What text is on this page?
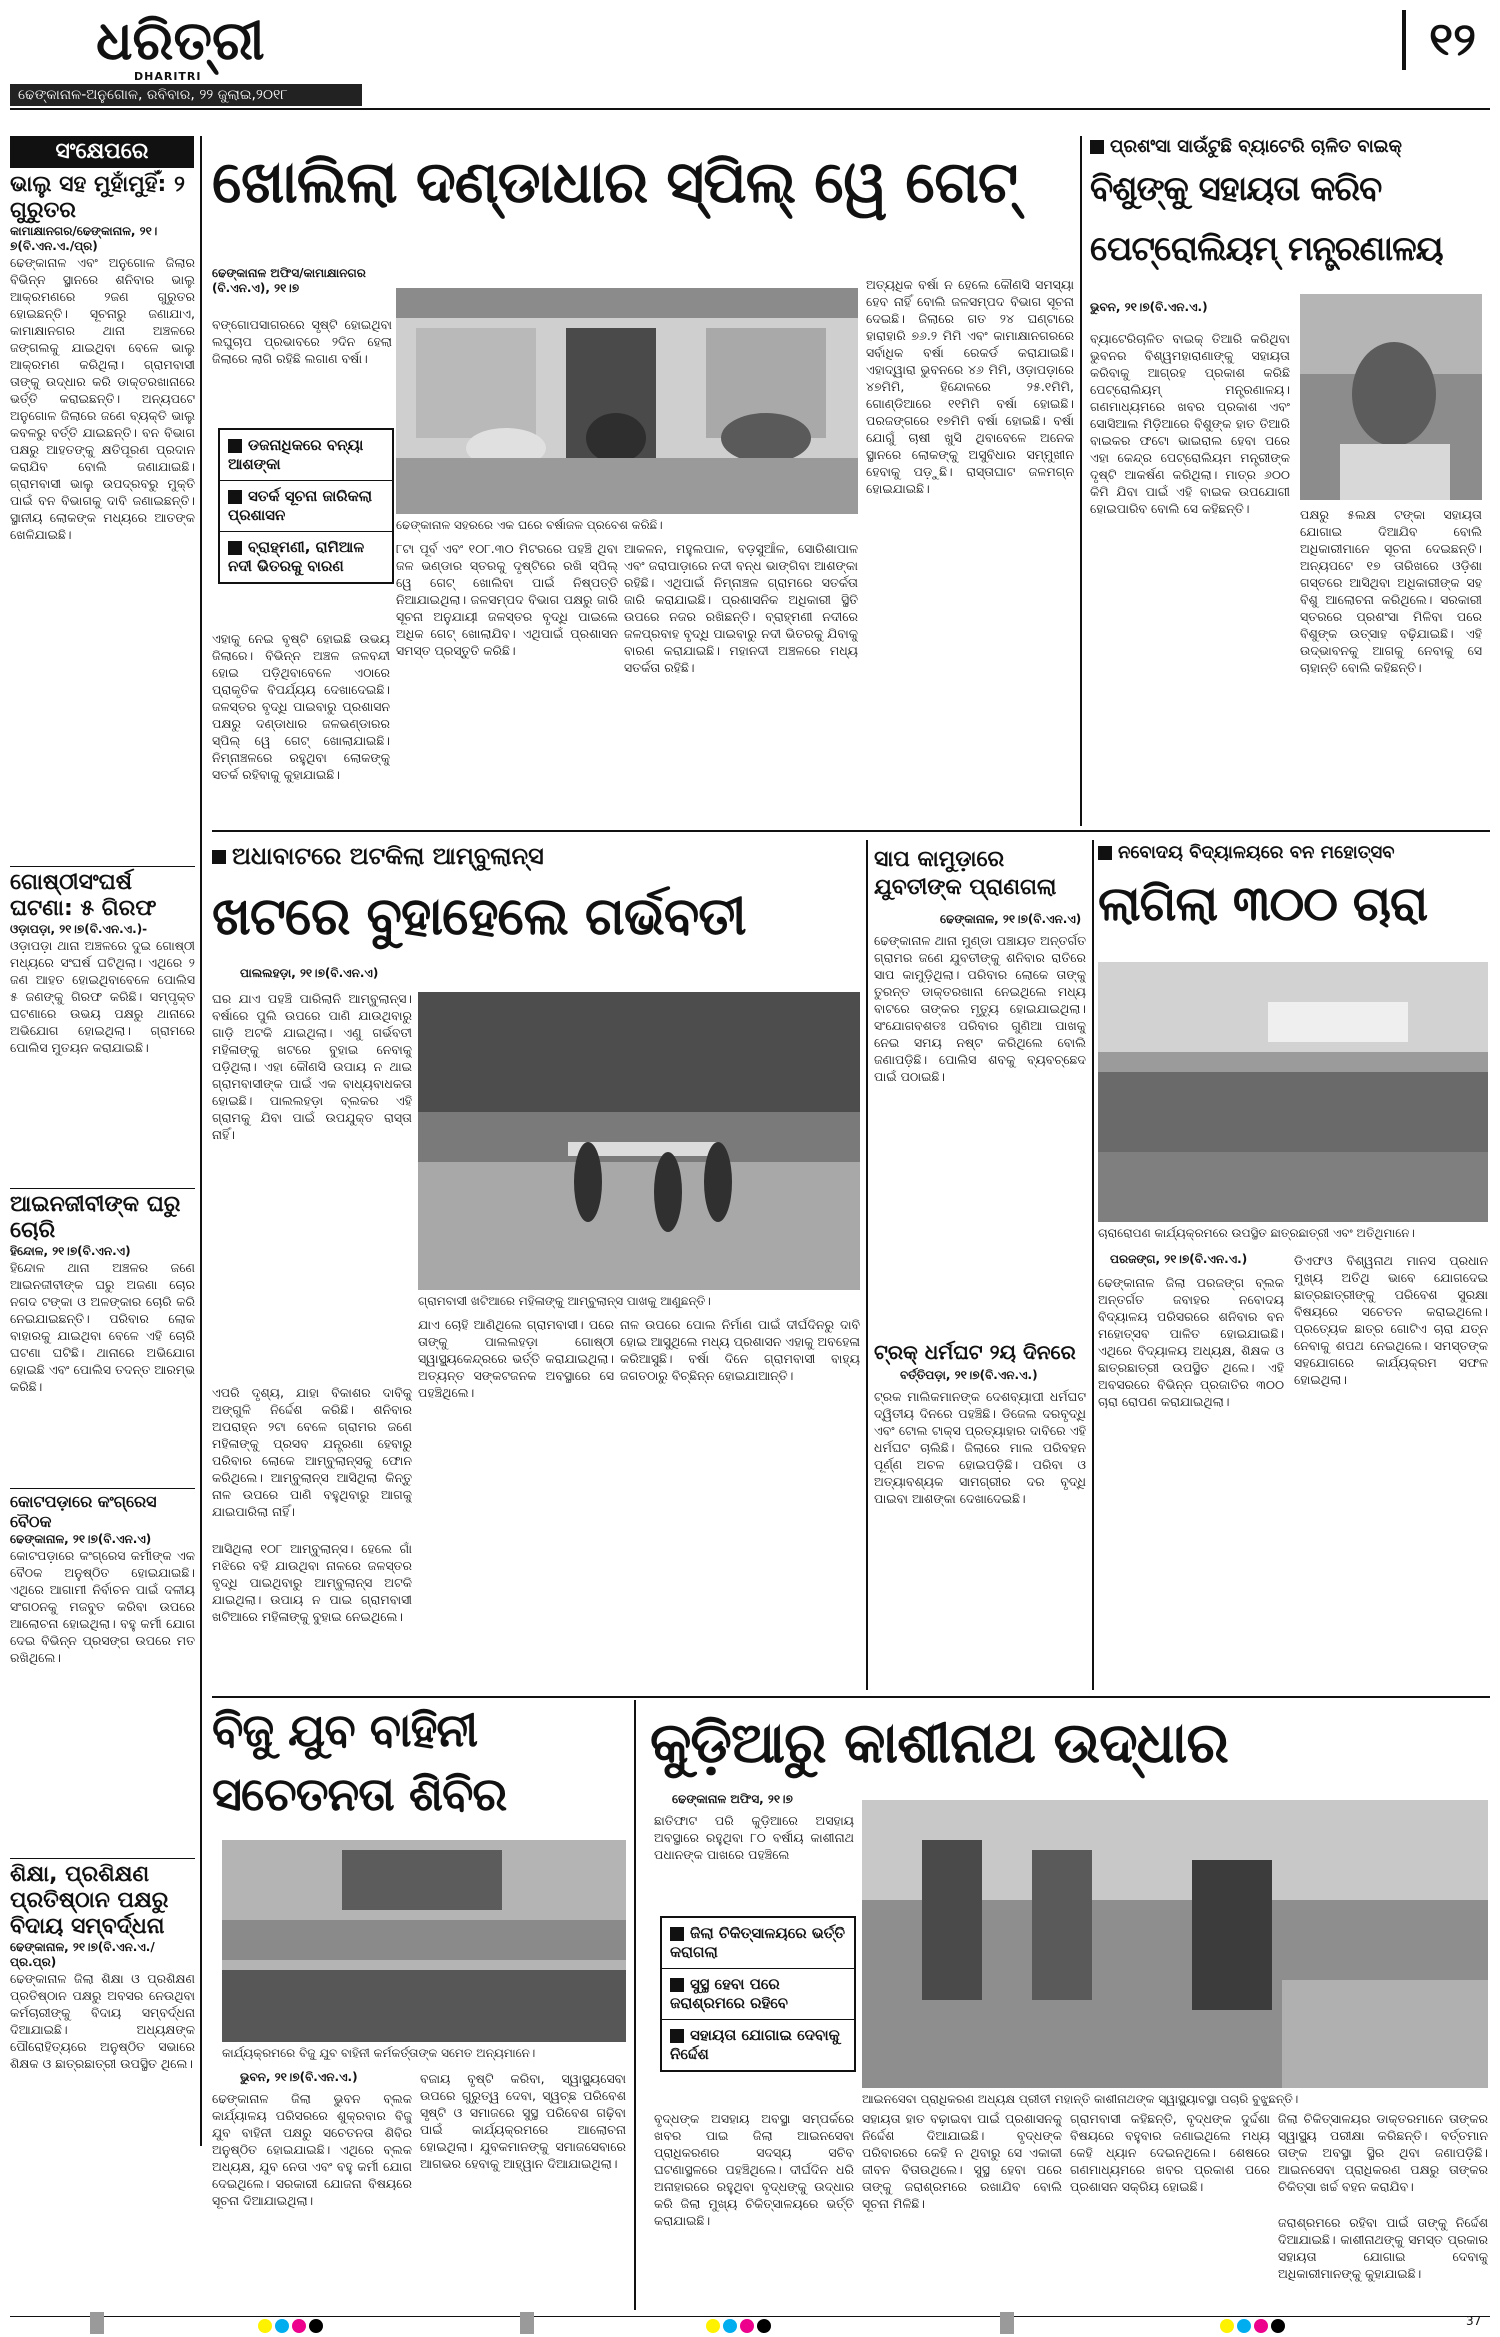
ଧରିତ୍ରୀ
DHARITRI
୧୨
ଢେଙ୍କାନାଳ-ଅନୁଗୋଳ, ରବିବାର, ୨୨ ଜୁଲାଇ,୨୦୧୮
ସଂକ୍ଷେପରେ
ଭାଲୁ ସହ ମୁହାଁମୁହିଁ: ୨ ଗୁରୁତର
କାମାକ୍ଷାନଗର/ଢେଙ୍କାନାଳ, ୨୧।୭(ବି.ଏନ.ଏ./ପ୍ର)
ଢେଙ୍କାନାଳ ଏବଂ ଅନୁଗୋଳ ଜିଲାର ବିଭିନ୍ନ ସ୍ଥାନରେ ଶନିବାର ଭାଲୁ ଆକ୍ରମଣରେ ୨ଜଣ ଗୁରୁତର ହୋଇଛନ୍ତି। ସୂଚନାରୁ ଜଣାଯାଏ, କାମାକ୍ଷାନଗର ଥାନା ଅଞ୍ଚଳରେ ଜଙ୍ଗଲକୁ ଯାଇଥିବା ବେଳେ ଭାଲୁ ଆକ୍ରମଣ କରିଥିଲା। ଗ୍ରାମବାସୀ ତାଙ୍କୁ ଉଦ୍ଧାର କରି ଡାକ୍ତରଖାନାରେ ଭର୍ତ୍ତି କରାଇଛନ୍ତି। ଅନ୍ୟପଟେ ଅନୁଗୋଳ ଜିଲାରେ ଜଣେ ବ୍ୟକ୍ତି ଭାଲୁ କବଳରୁ ବର୍ତ୍ତି ଯାଇଛନ୍ତି। ବନ ବିଭାଗ ପକ୍ଷରୁ ଆହତଙ୍କୁ କ୍ଷତିପୂରଣ ପ୍ରଦାନ କରାଯିବ ବୋଲି ଜଣାଯାଇଛି। ଗ୍ରାମବାସୀ ଭାଲୁ ଉପଦ୍ରବରୁ ମୁକ୍ତି ପାଇଁ ବନ ବିଭାଗକୁ ଦାବି ଜଣାଇଛନ୍ତି। ସ୍ଥାନୀୟ ଲୋକଙ୍କ ମଧ୍ୟରେ ଆତଙ୍କ ଖେଳିଯାଇଛି।
ଗୋଷ୍ଠୀସଂଘର୍ଷ ଘଟଣା: ୫ ଗିରଫ
ଓଡ଼ାପଡ଼ା, ୨୧।୭(ବି.ଏନ.ଏ.)-
ଓଡ଼ାପଡ଼ା ଥାନା ଅଞ୍ଚଳରେ ଦୁଇ ଗୋଷ୍ଠୀ ମଧ୍ୟରେ ସଂଘର୍ଷ ଘଟିଥିଲା। ଏଥିରେ ୨ ଜଣ ଆହତ ହୋଇଥିବାବେଳେ ପୋଲିସ ୫ ଜଣଙ୍କୁ ଗିରଫ କରିଛି। ସମ୍ପୃକ୍ତ ଘଟଣାରେ ଉଭୟ ପକ୍ଷରୁ ଥାନାରେ ଅଭିଯୋଗ ହୋଇଥିଲା। ଗ୍ରାମରେ ପୋଲିସ ମୁତୟନ କରାଯାଇଛି।
ଆଇନଜୀବୀଙ୍କ ଘରୁ ଚୋରି
ହିନ୍ଦୋଳ, ୨୧।୭(ବି.ଏନ.ଏ)
ହିନ୍ଦୋଳ ଥାନା ଅଞ୍ଚଳର ଜଣେ ଆଇନଜୀବୀଙ୍କ ଘରୁ ଅଜଣା ଚୋର ନଗଦ ଟଙ୍କା ଓ ଅଳଙ୍କାର ଚୋରି କରି ନେଇଯାଇଛନ୍ତି। ପରିବାର ଲୋକ ବାହାରକୁ ଯାଇଥିବା ବେଳେ ଏହି ଚୋରି ଘଟଣା ଘଟିଛି। ଥାନାରେ ଅଭିଯୋଗ ହୋଇଛି ଏବଂ ପୋଲିସ ତଦନ୍ତ ଆରମ୍ଭ କରିଛି।
କୋଟପଡ଼ାରେ କଂଗ୍ରେସ ବୈଠକ
ଢେଙ୍କାନାଳ, ୨୧।୭(ବି.ଏନ.ଏ)
କୋଟପଡ଼ାରେ କଂଗ୍ରେସ କର୍ମୀଙ୍କ ଏକ ବୈଠକ ଅନୁଷ୍ଠିତ ହୋଇଯାଇଛି। ଏଥିରେ ଆଗାମୀ ନିର୍ବାଚନ ପାଇଁ ଦଳୀୟ ସଂଗଠନକୁ ମଜବୁତ କରିବା ଉପରେ ଆଲୋଚନା ହୋଇଥିଲା। ବହୁ କର୍ମୀ ଯୋଗ ଦେଇ ବିଭିନ୍ନ ପ୍ରସଙ୍ଗ ଉପରେ ମତ ରଖିଥିଲେ।
ଶିକ୍ଷା, ପ୍ରଶିକ୍ଷଣ ପ୍ରତିଷ୍ଠାନ ପକ୍ଷରୁ ବିଦାୟ ସମ୍ବର୍ଦ୍ଧନା
ଢେଙ୍କାନାଳ, ୨୧।୭(ବି.ଏନ.ଏ./ପ୍ର.ପ୍ର)
ଢେଙ୍କାନାଳ ଜିଲା ଶିକ୍ଷା ଓ ପ୍ରଶିକ୍ଷଣ ପ୍ରତିଷ୍ଠାନ ପକ୍ଷରୁ ଅବସର ନେଉଥିବା କର୍ମଚାରୀଙ୍କୁ ବିଦାୟ ସମ୍ବର୍ଦ୍ଧନା ଦିଆଯାଇଛି। ଅଧ୍ୟକ୍ଷଙ୍କ ପୌରୋହିତ୍ୟରେ ଅନୁଷ୍ଠିତ ସଭାରେ ଶିକ୍ଷକ ଓ ଛାତ୍ରଛାତ୍ରୀ ଉପସ୍ଥିତ ଥିଲେ।
ଖୋଲିଲା ଦଣ୍ଡାଧାର ସ୍ପିଲ୍ ୱେ ଗେଟ୍
ଢେଙ୍କାନାଳ ଅଫିସ/କାମାକ୍ଷାନଗର (ବି.ଏନ.ଏ), ୨୧।୭
ବଙ୍ଗୋପସାଗରରେ ସୃଷ୍ଟି ହୋଇଥିବା ଲଘୁଚାପ ପ୍ରଭାବରେ ୨ଦିନ ହେଲା ଜିଲାରେ ଲାଗି ରହିଛି ଲଗାଣ ବର୍ଷା।
ଡଜନାଧିକରେ ବନ୍ୟା ଆଶଙ୍କା
ସତର୍କ ସୂଚନା ଜାରିକଲା ପ୍ରଶାସନ
ବ୍ରାହ୍ମଣୀ, ରାମିଆଳ ନଦୀ ଭିତରକୁ ବାରଣ
ଢେଙ୍କାନାଳ ସହରରେ ଏକ ଘରେ ବର୍ଷାଜଳ ପ୍ରବେଶ କରିଛି।
ଏହାକୁ ନେଇ ବୃଷ୍ଟି ହୋଇଛି ଉଭୟ ଜିଲାରେ। ବିଭିନ୍ନ ଅଞ୍ଚଳ ଜଳବନ୍ଦୀ ହୋଇ ପଡ଼ିଥିବାବେଳେ ଏଠାରେ ପ୍ରାକୃତିକ ବିପର୍ଯ୍ୟୟ ଦେଖାଦେଇଛି। ଜଳସ୍ତର ବୃଦ୍ଧି ପାଇବାରୁ ପ୍ରଶାସନ ପକ୍ଷରୁ ଦଣ୍ଡାଧାର ଜଳଭଣ୍ଡାରର ସ୍ପିଲ୍ ୱେ ଗେଟ୍ ଖୋଲାଯାଇଛି। ନିମ୍ନାଞ୍ଚଳରେ ରହୁଥିବା ଲୋକଙ୍କୁ ସତର୍କ ରହିବାକୁ କୁହାଯାଇଛି।
୮ଟା ପୂର୍ବ ଏବଂ ୧୦୮.୩୦ ମିଟରରେ ପହଞ୍ଚି ଥିବା ଜଳ ଭଣ୍ଡାର ସ୍ତରକୁ ଦୃଷ୍ଟିରେ ରଖି ସ୍ପିଲ୍ ୱେ ଗେଟ୍ ଖୋଲିବା ପାଇଁ ନିଷ୍ପତ୍ତି ନିଆଯାଇଥିଲା। ଜଳସମ୍ପଦ ବିଭାଗ ପକ୍ଷରୁ ଜାରି ସୂଚନା ଅନୁଯାୟୀ ଜଳସ୍ତର ବୃଦ୍ଧି ପାଇଲେ ଅଧିକ ଗେଟ୍ ଖୋଲାଯିବ। ଏଥିପାଇଁ ପ୍ରଶାସନ ସମସ୍ତ ପ୍ରସ୍ତୁତି କରିଛି।
ଆକଳନ, ମହୁଲପାଳ, ବଡ଼ସୁଆଁଳ, ସୋରିଶାପାଳ ଏବଂ ଜରାପାଡ଼ାରେ ନଦୀ ବନ୍ଧ ଭାଙ୍ଗିବା ଆଶଙ୍କା ରହିଛି। ଏଥିପାଇଁ ନିମ୍ନାଞ୍ଚଳ ଗ୍ରାମରେ ସତର୍କତା ଜାରି କରାଯାଇଛି। ପ୍ରଶାସନିକ ଅଧିକାରୀ ସ୍ଥିତି ଉପରେ ନଜର ରଖିଛନ୍ତି। ବ୍ରାହ୍ମଣୀ ନଦୀରେ ଜଳପ୍ରବାହ ବୃଦ୍ଧି ପାଇବାରୁ ନଦୀ ଭିତରକୁ ଯିବାକୁ ବାରଣ କରାଯାଇଛି। ମହାନଦୀ ଅଞ୍ଚଳରେ ମଧ୍ୟ ସତର୍କତା ରହିଛି।
ଅତ୍ୟଧିକ ବର୍ଷା ନ ହେଲେ କୌଣସି ସମସ୍ୟା ହେବ ନାହିଁ ବୋଲି ଜଳସମ୍ପଦ ବିଭାଗ ସୂଚନା ଦେଇଛି। ଜିଲାରେ ଗତ ୨୪ ଘଣ୍ଟାରେ ହାରାହାରି ୭୬.୨ ମିମି ଏବଂ କାମାକ୍ଷାନଗରରେ ସର୍ବାଧିକ ବର୍ଷା ରେକର୍ଡ କରାଯାଇଛି। ଏହାଦ୍ୱାରା ଭୁବନରେ ୪୬ ମିମି, ଓଡ଼ାପଡ଼ାରେ ୪୭ମିମି, ହିନ୍ଦୋଳରେ ୨୫.୧ମିମି, ଗୋଣ୍ଡିଆରେ ୧୧ମିମି ବର୍ଷା ହୋଇଛି। ପରଜଙ୍ଗରେ ୧୭ମିମି ବର୍ଷା ହୋଇଛି। ବର୍ଷା ଯୋଗୁଁ ଚାଷୀ ଖୁସି ଥିବାବେଳେ ଅନେକ ସ୍ଥାନରେ ଲୋକଙ୍କୁ ଅସୁବିଧାର ସମ୍ମୁଖୀନ ହେବାକୁ ପଡ଼ୁଛି। ରାସ୍ତାଘାଟ ଜଳମଗ୍ନ ହୋଇଯାଇଛି।
ପ୍ରଶଂସା ସାଉଁଟୁଛି ବ୍ୟାଟେରି ଚାଳିତ ବାଇକ୍
ବିଶୁଙ୍କୁ ସହାୟତା କରିବ
ପେଟ୍ରୋଲିୟମ୍ ମନ୍ତ୍ରଣାଳୟ
ଭୁବନ, ୨୧।୭(ବି.ଏନ.ଏ.)
ବ୍ୟାଟେରିଚାଳିତ ବାଇକ୍ ତିଆରି କରିଥିବା ଭୁବନର ବିଶ୍ୱମହାରାଣାଙ୍କୁ ସହାୟତା କରିବାକୁ ଆଗ୍ରହ ପ୍ରକାଶ କରିଛି ପେଟ୍ରୋଲିୟମ୍ ମନ୍ତ୍ରଣାଳୟ। ଗଣମାଧ୍ୟମରେ ଖବର ପ୍ରକାଶ ଏବଂ ସୋସିଆଲ ମିଡ଼ିଆରେ ବିଶୁଙ୍କ ହାତ ତିଆରି ବାଇକର ଫଟୋ ଭାଇରାଲ ହେବା ପରେ ଏହା କେନ୍ଦ୍ର ପେଟ୍ରୋଲିୟମ ମନ୍ତ୍ରୀଙ୍କ ଦୃଷ୍ଟି ଆକର୍ଷଣ କରିଥିଲା। ମାତ୍ର ୬୦୦ କିମି ଯିବା ପାଇଁ ଏହି ବାଇକ ଉପଯୋଗୀ ହୋଇପାରିବ ବୋଲି ସେ କହିଛନ୍ତି।	ପକ୍ଷରୁ ୫ଲକ୍ଷ ଟଙ୍କା ସହାୟତା ଯୋଗାଇ ଦିଆଯିବ ବୋଲି ଅଧିକାରୀମାନେ ସୂଚନା ଦେଇଛନ୍ତି। ଅନ୍ୟପଟେ ୧୭ ତାରିଖରେ ଓଡ଼ିଶା ଗସ୍ତରେ ଆସିଥିବା ଅଧିକାରୀଙ୍କ ସହ ବିଶୁ ଆଲୋଚନା କରିଥିଲେ। ସରକାରୀ ସ୍ତରରେ ପ୍ରଶଂସା ମିଳିବା ପରେ ବିଶୁଙ୍କ ଉତ୍ସାହ ବଢ଼ିଯାଇଛି। ଏହି ଉଦ୍ଭାବନକୁ ଆଗକୁ ନେବାକୁ ସେ ଚାହାନ୍ତି ବୋଲି କହିଛନ୍ତି।
ଅଧାବାଟରେ ଅଟକିଲା ଆମ୍ବୁଲାନ୍ସ
ଖଟରେ ବୁହାହେଲେ ଗର୍ଭବତୀ
ପାଲଲହଡ଼ା, ୨୧।୭(ବି.ଏନ.ଏ)
ଘର ଯାଏ ପହଞ୍ଚି ପାରିଲାନି ଆମ୍ବୁଲାନ୍ସ। ବର୍ଷାରେ ପୁଲି ଉପରେ ପାଣି ଯାଉଥିବାରୁ ଗାଡ଼ି ଅଟକି ଯାଇଥିଲା। ଏଣୁ ଗର୍ଭବତୀ ମହିଳାଙ୍କୁ ଖଟରେ ବୁହାଇ ନେବାକୁ ପଡ଼ିଥିଲା। ଏହା କୌଣସି ଉପାୟ ନ ଥାଇ ଗ୍ରାମବାସୀଙ୍କ ପାଇଁ ଏକ ବାଧ୍ୟବାଧକତା ହୋଇଛି। ପାଲଲହଡ଼ା ବ୍ଲକର ଏହି ଗ୍ରାମକୁ ଯିବା ପାଇଁ ଉପଯୁକ୍ତ ରାସ୍ତା ନାହିଁ।
ଗ୍ରାମବାସୀ ଖଟିଆରେ ମହିଳାଙ୍କୁ ଆମ୍ବୁଲାନ୍ସ ପାଖକୁ ଆଣୁଛନ୍ତି।
ଏପରି ଦୃଶ୍ୟ, ଯାହା ବିକାଶର ଦାବିକୁ ଅଙ୍ଗୁଳି ନିର୍ଦ୍ଦେଶ କରିଛି। ଶନିବାର ଅପରାହ୍ନ ୨ଟା ବେଳେ ଗ୍ରାମର ଜଣେ ମହିଳାଙ୍କୁ ପ୍ରସବ ଯନ୍ତ୍ରଣା ହେବାରୁ ପରିବାର ଲୋକେ ଆମ୍ବୁଲାନ୍ସକୁ ଫୋନ କରିଥିଲେ। ଆମ୍ବୁଲାନ୍ସ ଆସିଥିଲା କିନ୍ତୁ ନାଳ ଉପରେ ପାଣି ବହୁଥିବାରୁ ଆଗକୁ ଯାଇପାରିଲା ନାହିଁ।
ଆସିଥିଲା ୧୦୮ ଆମ୍ବୁଲାନ୍ସ। ହେଲେ ଗାଁ ମଝିରେ ବହି ଯାଉଥିବା ନାଳରେ ଜଳସ୍ତର ବୃଦ୍ଧି ପାଇଥିବାରୁ ଆମ୍ବୁଲାନ୍ସ ଅଟକି ଯାଇଥିଲା। ଉପାୟ ନ ପାଇ ଗ୍ରାମବାସୀ ଖଟିଆରେ ମହିଳାଙ୍କୁ ବୁହାଇ ନେଇଥିଲେ।
ଯାଏ ଚୋହି ଆଣିଥିଲେ ଗ୍ରାମବାସୀ। ପରେ ତାଙ୍କୁ ପାଲଲହଡ଼ା ଗୋଷ୍ଠୀ ସ୍ୱାସ୍ଥ୍ୟକେନ୍ଦ୍ରରେ ଭର୍ତ୍ତି କରାଯାଇଥିଲା। ଅତ୍ୟନ୍ତ ସଙ୍କଟଜନକ ଅବସ୍ଥାରେ ସେ ପହଞ୍ଚିଥିଲେ।
ନାଳ ଉପରେ ପୋଲ ନିର୍ମାଣ ପାଇଁ ଦୀର୍ଘଦିନରୁ ଦାବି ହୋଇ ଆସୁଥିଲେ ମଧ୍ୟ ପ୍ରଶାସନ ଏହାକୁ ଅବହେଳା କରିଆସୁଛି। ବର୍ଷା ଦିନେ ଗ୍ରାମବାସୀ ବାହ୍ୟ ଜଗତଠାରୁ ବିଚ୍ଛିନ୍ନ ହୋଇଯାଆନ୍ତି।
ସାପ କାମୁଡ଼ାରେ ଯୁବତୀଙ୍କ ପ୍ରାଣଗଲା
ଢେଙ୍କାନାଳ, ୨୧।୭(ବି.ଏନ.ଏ)
ଢେଙ୍କାନାଳ ଥାନା ମୁଣ୍ଡା ପଞ୍ଚାୟତ ଅନ୍ତର୍ଗତ ଗ୍ରାମର ଜଣେ ଯୁବତୀଙ୍କୁ ଶନିବାର ରାତିରେ ସାପ କାମୁଡ଼ିଥିଲା। ପରିବାର ଲୋକେ ତାଙ୍କୁ ତୁରନ୍ତ ଡାକ୍ତରଖାନା ନେଇଥିଲେ ମଧ୍ୟ ବାଟରେ ତାଙ୍କର ମୃତ୍ୟୁ ହୋଇଯାଇଥିଲା। ସଂଯୋଗବଶତଃ ପରିବାର ଗୁଣିଆ ପାଖକୁ ନେଇ ସମୟ ନଷ୍ଟ କରିଥିଲେ ବୋଲି ଜଣାପଡ଼ିଛି। ପୋଲିସ ଶବକୁ ବ୍ୟବଚ୍ଛେଦ ପାଇଁ ପଠାଇଛି।
ଟ୍ରକ୍ ଧର୍ମଘଟ ୨ୟ ଦିନରେ
ବର୍ତ୍ତିପଡ଼ା, ୨୧।୭(ବି.ଏନ.ଏ.)
ଟ୍ରକ ମାଲିକମାନଙ୍କ ଦେଶବ୍ୟାପୀ ଧର୍ମଘଟ ଦ୍ୱିତୀୟ ଦିନରେ ପହଞ୍ଚିଛି। ଡିଜେଲ ଦରବୃଦ୍ଧି ଏବଂ ଟୋଲ ଟାକ୍ସ ପ୍ରତ୍ୟାହାର ଦାବିରେ ଏହି ଧର୍ମଘଟ ଚାଲିଛି। ଜିଲାରେ ମାଲ ପରିବହନ ପୂର୍ଣ୍ଣ ଅଚଳ ହୋଇପଡ଼ିଛି। ପରିବା ଓ ଅତ୍ୟାବଶ୍ୟକ ସାମଗ୍ରୀର ଦର ବୃଦ୍ଧି ପାଇବା ଆଶଙ୍କା ଦେଖାଦେଇଛି।
ନବୋଦୟ ବିଦ୍ୟାଳୟରେ ବନ ମହୋତ୍ସବ
ଲାଗିଲା ୩୦୦ ଚାରା
ଚାରାରୋପଣ କାର୍ଯ୍ୟକ୍ରମରେ ଉପସ୍ଥିତ ଛାତ୍ରଛାତ୍ରୀ ଏବଂ ଅତିଥିମାନେ।
ପରଜଙ୍ଗ, ୨୧।୭(ବି.ଏନ.ଏ.)
ଢେଙ୍କାନାଳ ଜିଲା ପରଜଙ୍ଗ ବ୍ଲକ ଅନ୍ତର୍ଗତ ଜବାହର ନବୋଦୟ ବିଦ୍ୟାଳୟ ପରିସରରେ ଶନିବାର ବନ ମହୋତ୍ସବ ପାଳିତ ହୋଇଯାଇଛି। ଏଥିରେ ବିଦ୍ୟାଳୟ ଅଧ୍ୟକ୍ଷ, ଶିକ୍ଷକ ଓ ଛାତ୍ରଛାତ୍ରୀ ଉପସ୍ଥିତ ଥିଲେ। ଏହି ଅବସରରେ ବିଭିନ୍ନ ପ୍ରଜାତିର ୩୦୦ ଚାରା ରୋପଣ କରାଯାଇଥିଲା।
ଡିଏଫଓ ବିଶ୍ୱନାଥ ମାନସ ପ୍ରଧାନ ମୁଖ୍ୟ ଅତିଥି ଭାବେ ଯୋଗଦେଇ ଛାତ୍ରଛାତ୍ରୀଙ୍କୁ ପରିବେଶ ସୁରକ୍ଷା ବିଷୟରେ ସଚେତନ କରାଇଥିଲେ। ପ୍ରତ୍ୟେକ ଛାତ୍ର ଗୋଟିଏ ଚାରା ଯତ୍ନ ନେବାକୁ ଶପଥ ନେଇଥିଲେ। ସମସ୍ତଙ୍କ ସହଯୋଗରେ କାର୍ଯ୍ୟକ୍ରମ ସଫଳ ହୋଇଥିଲା।
ବିଜୁ ଯୁବ ବାହିନୀ
ସଚେତନତା ଶିବିର
କାର୍ଯ୍ୟକ୍ରମରେ ବିଜୁ ଯୁବ ବାହିନୀ କର୍ମକର୍ତ୍ତାଙ୍କ ସମେତ ଅନ୍ୟମାନେ।
ଭୁବନ, ୨୧।୭(ବି.ଏନ.ଏ.)
ଢେଙ୍କାନାଳ ଜିଲା ଭୁବନ ବ୍ଲକ କାର୍ଯ୍ୟାଳୟ ପରିସରରେ ଶୁକ୍ରବାର ବିଜୁ ଯୁବ ବାହିନୀ ପକ୍ଷରୁ ସଚେତନତା ଶିବିର ଅନୁଷ୍ଠିତ ହୋଇଯାଇଛି। ଏଥିରେ ବ୍ଲକ ଅଧ୍ୟକ୍ଷ, ଯୁବ ନେତା ଏବଂ ବହୁ କର୍ମୀ ଯୋଗ ଦେଇଥିଲେ। ସରକାରୀ ଯୋଜନା ବିଷୟରେ ସୂଚନା ଦିଆଯାଇଥିଲା।
ବଜାୟ ବୃଷ୍ଟି କରିବା, ସ୍ୱାସ୍ଥ୍ୟସେବା ଉପରେ ଗୁରୁତ୍ୱ ଦେବା, ସ୍ୱଚ୍ଛ ପରିବେଶ ସୃଷ୍ଟି ଓ ସମାଜରେ ସୁସ୍ଥ ପରିବେଶ ଗଢ଼ିବା ପାଇଁ କାର୍ଯ୍ୟକ୍ରମରେ ଆଲୋଚନା ହୋଇଥିଲା। ଯୁବକମାନଙ୍କୁ ସମାଜସେବାରେ ଆଗଭର ହେବାକୁ ଆହ୍ୱାନ ଦିଆଯାଇଥିଲା।
କୁଡ଼ିଆରୁ କାଶୀନାଥ ଉଦ୍ଧାର
ଢେଙ୍କାନାଳ ଅଫିସ, ୨୧।୭
ଛାତିଫାଟ ପରି କୁଡ଼ିଆରେ ଅସହାୟ ଅବସ୍ଥାରେ ରହୁଥିବା ୮୦ ବର୍ଷୀୟ କାଶୀନାଥ ପଧାନଙ୍କ ପାଖରେ ପହଞ୍ଚିଲେ
ଜିଲା ଚିକିତ୍ସାଳୟରେ ଭର୍ତ୍ତି କରାଗଲା
ସୁସ୍ଥ ହେବା ପରେ ଜରାଶ୍ରମରେ ରହିବେ
ସହାୟତା ଯୋଗାଇ ଦେବାକୁ ନିର୍ଦ୍ଦେଶ
ଆଇନସେବା ପ୍ରାଧିକରଣ ଅଧ୍ୟକ୍ଷ ପ୍ରୀତୀ ମହାନ୍ତି କାଶୀନାଥଙ୍କ ସ୍ୱାସ୍ଥ୍ୟାବସ୍ଥା ପଚାରି ବୁଝୁଛନ୍ତି।
ବୃଦ୍ଧଙ୍କ ଅସହାୟ ଅବସ୍ଥା ସମ୍ପର୍କରେ ଖବର ପାଇ ଜିଲା ଆଇନସେବା ପ୍ରାଧିକରଣର ସଦସ୍ୟ ସଚିବ ଘଟଣାସ୍ଥଳରେ ପହଞ୍ଚିଥିଲେ। ଦୀର୍ଘଦିନ ଧରି ଅନାହାରରେ ରହୁଥିବା ବୃଦ୍ଧଙ୍କୁ ଉଦ୍ଧାର କରି ଜିଲା ମୁଖ୍ୟ ଚିକିତ୍ସାଳୟରେ ଭର୍ତ୍ତି କରାଯାଇଛି।
ସହାୟତା ହାତ ବଢ଼ାଇବା ପାଇଁ ପ୍ରଶାସନକୁ ନିର୍ଦ୍ଦେଶ ଦିଆଯାଇଛି। ବୃଦ୍ଧଙ୍କ ପରିବାରରେ କେହି ନ ଥିବାରୁ ସେ ଏକାକୀ ଜୀବନ ବିତାଉଥିଲେ। ସୁସ୍ଥ ହେବା ପରେ ତାଙ୍କୁ ଜରାଶ୍ରମରେ ରଖାଯିବ ବୋଲି ସୂଚନା ମିଳିଛି।
ଗ୍ରାମବାସୀ କହିଛନ୍ତି, ବୃଦ୍ଧଙ୍କ ଦୁର୍ଦ୍ଦଶା ବିଷୟରେ ବହୁବାର ଜଣାଇଥିଲେ ମଧ୍ୟ କେହି ଧ୍ୟାନ ଦେଇନଥିଲେ। ଶେଷରେ ଗଣମାଧ୍ୟମରେ ଖବର ପ୍ରକାଶ ପରେ ପ୍ରଶାସନ ସକ୍ରିୟ ହୋଇଛି।
ଜିଲା ଚିକିତ୍ସାଳୟର ଡାକ୍ତରମାନେ ତାଙ୍କର ସ୍ୱାସ୍ଥ୍ୟ ପରୀକ୍ଷା କରିଛନ୍ତି। ବର୍ତ୍ତମାନ ତାଙ୍କ ଅବସ୍ଥା ସ୍ଥିର ଥିବା ଜଣାପଡ଼ିଛି। ଆଇନସେବା ପ୍ରାଧିକରଣ ପକ୍ଷରୁ ତାଙ୍କର ଚିକିତ୍ସା ଖର୍ଚ୍ଚ ବହନ କରାଯିବ।
ଜରାଶ୍ରମରେ ରହିବା ପାଇଁ ତାଙ୍କୁ ନିର୍ଦ୍ଦେଶ ଦିଆଯାଇଛି। କାଶୀନାଥଙ୍କୁ ସମସ୍ତ ପ୍ରକାର ସହାୟତା ଯୋଗାଇ ଦେବାକୁ ଅଧିକାରୀମାନଙ୍କୁ କୁହାଯାଇଛି।
37
